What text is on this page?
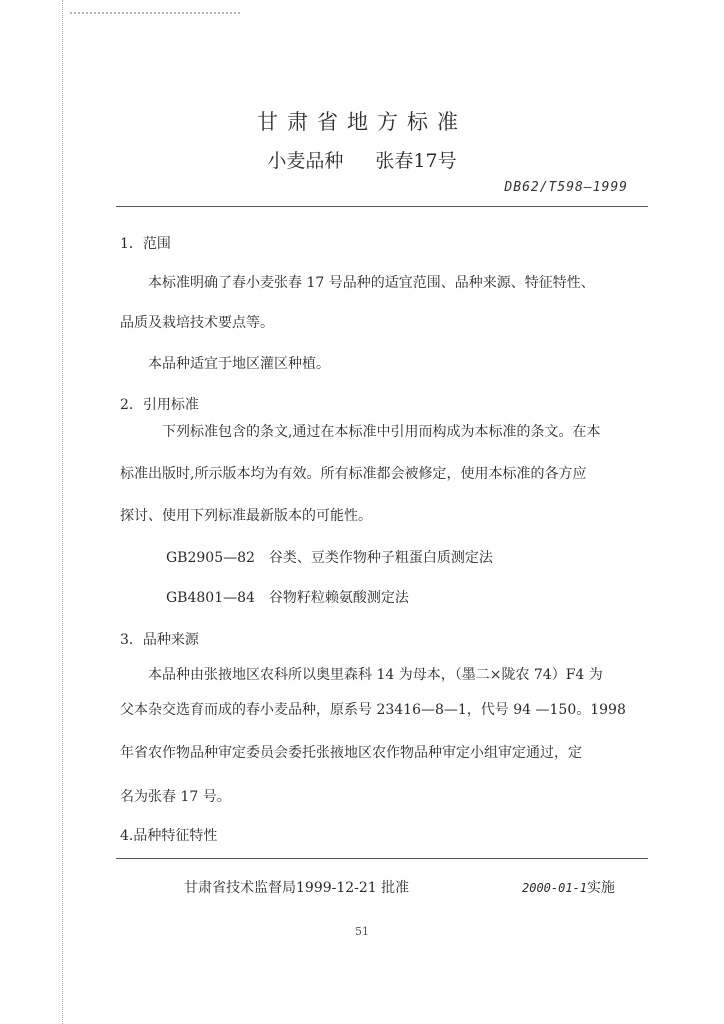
甘肃省地方标准
小麦品种 张春17号
DB62/T598—1999
1．范围
本标准明确了春小麦张春 17 号品种的适宜范围、品种来源、特征特性、
品质及栽培技术要点等。
本品种适宜于地区灌区种植。
2．引用标准
下列标准包含的条文,通过在本标准中引用而构成为本标准的条文。在本
标准出版时,所示版本均为有效。所有标准都会被修定，使用本标准的各方应
探讨、使用下列标准最新版本的可能性。
GB2905—82　谷类、豆类作物种子粗蛋白质测定法
GB4801—84　谷物籽粒赖氨酸测定法
3．品种来源
本品种由张掖地区农科所以奥里森科 14 为母本，（墨二×陇农 74）F4 为
父本杂交选育而成的春小麦品种，原系号 23416—8—1，代号 94 —150。1998
年省农作物品种审定委员会委托张掖地区农作物品种审定小组审定通过，定
名为张春 17 号。
4.品种特征特性
甘肃省技术监督局1999-12-21 批准	2000-01-1实施
51
